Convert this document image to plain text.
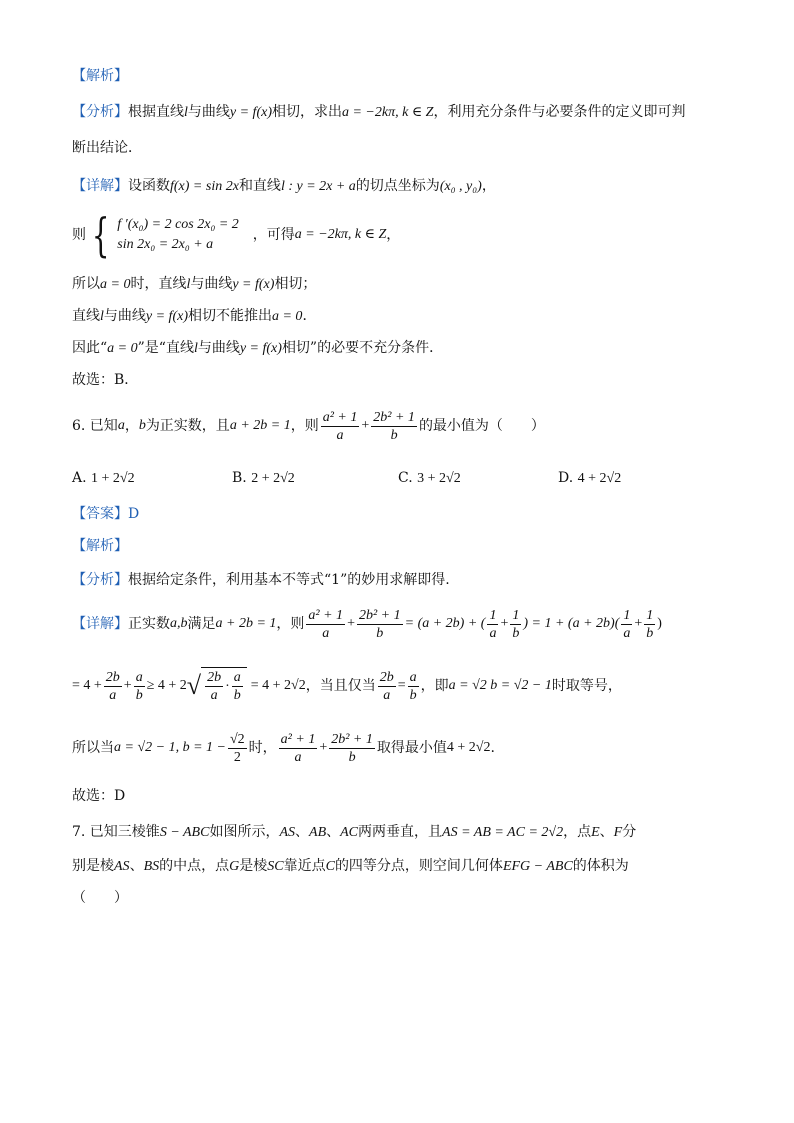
【解析】
【分析】根据直线l与曲线y = f(x)相切，求出a = −2kπ, k ∈ Z，利用充分条件与必要条件的定义即可判
断出结论．
【详解】设函数f(x) = sin 2x和直线l : y = 2x + a的切点坐标为(x₀ , y₀)，
则 { f ′(x₀) = 2 cos 2x₀ = 2
sin 2x₀ = 2x₀ + a
，可得 a = −2kπ, k ∈ Z ，
所以a = 0时，直线l与曲线y = f(x)相切；
直线l与曲线y = f(x)相切不能推出a = 0．
因此“a = 0”是“直线l与曲线y = f(x)相切”的必要不充分条件．
故选：B．
6. 已知 a ， b 为正实数，且 a + 2b = 1 ，则 $\frac{\text{a² + 1}}{a} + \frac{\text{2b² + 1}}{b}$ 的最小值为（　　）
A. 1 + 2√2	B. 2 + 2√2	C. 3 + 2√2	D. 4 + 2√2
【答案】D
【解析】
【分析】根据给定条件，利用基本不等式“1”的妙用求解即得.
【详解】 正实数 a,b 满足 a + 2b = 1 ，则 $\frac{\text{a² + 1}}{a} + \frac{\text{2b² + 1}}{b} = (a + 2b)$ + ( $\frac{1}{a} + \frac{1}{b}$ ) = $1 + (a + 2b)( \frac{1}{a} + \frac{1}{b}$ )
= $4 + \frac{2b}{a} + \frac{a}{b} \ge 4 + 2$ √ $\frac{2b}{a} \cdot \frac{a}{b} = 4 + 2√2$ ，当且仅当 $\frac{2b}{a} = \frac{a}{b}$ ，即 a = √2 b = √2 − 1 时取等号，
所以当 a = √2 − 1, $b = 1 - \frac{√2}{2}$ 时， $\frac{\text{a² + 1}}{a} + \frac{\text{2b² + 1}}{b}$ 取得最小值 4 + 2√2 .
故选：D
7. 已知三棱锥S − ABC如图所示，AS、AB、AC两两垂直，且AS = AB = AC = 2√2，点E、F分
别是棱AS、BS的中点，点G是棱SC靠近点C的四等分点，则空间几何体EFG − ABC的体积为
（　　）
